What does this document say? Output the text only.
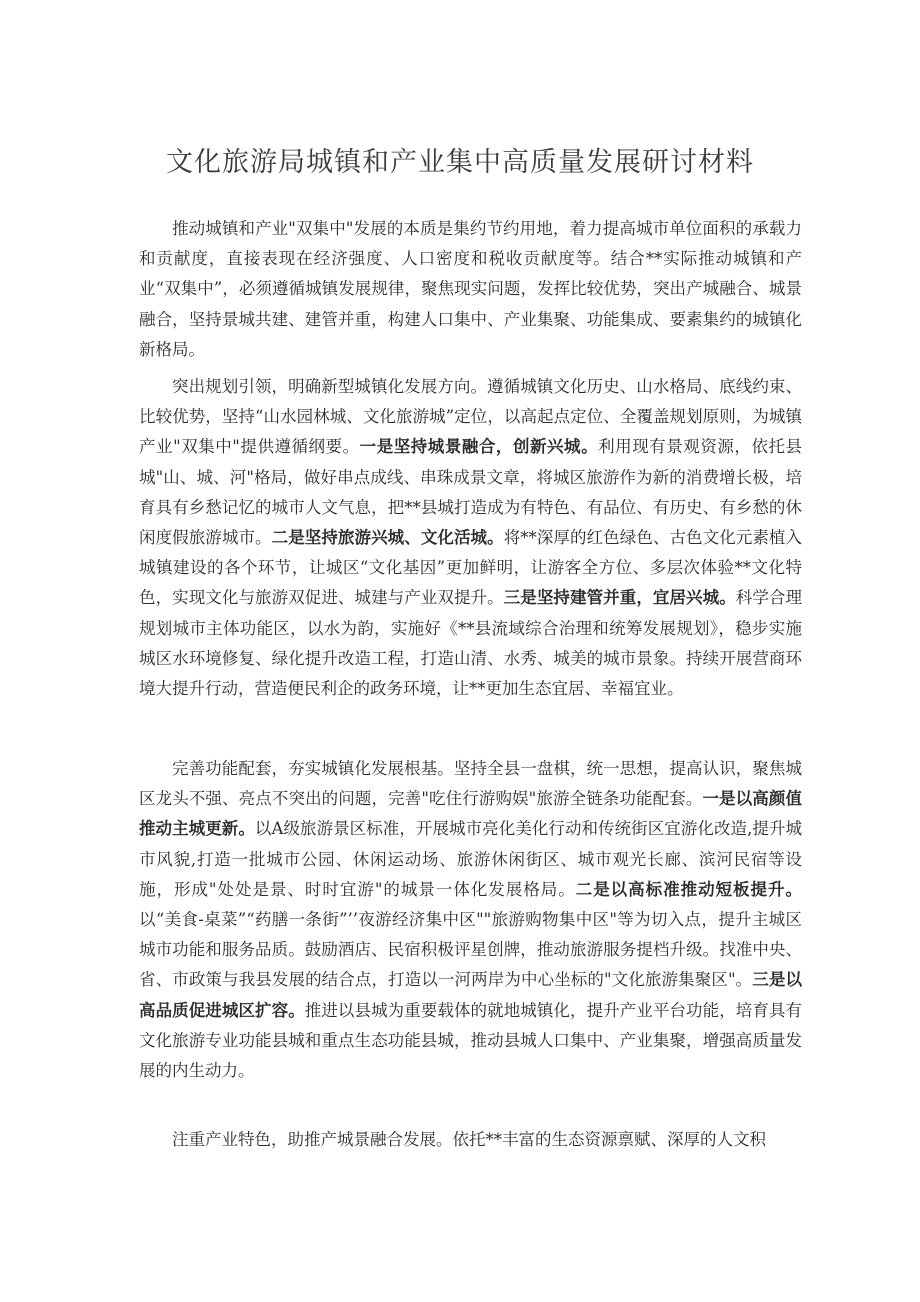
文化旅游局城镇和产业集中高质量发展研讨材料

推动城镇和产业"双集中"发展的本质是集约节约用地，着力提高城市单位面积的承载力和贡献度，直接表现在经济强度、人口密度和税收贡献度等。结合**实际推动城镇和产业“双集中”，必须遵循城镇发展规律，聚焦现实问题，发挥比较优势，突出产城融合、城景融合，坚持景城共建、建管并重，构建人口集中、产业集聚、功能集成、要素集约的城镇化新格局。

突出规划引领，明确新型城镇化发展方向。遵循城镇文化历史、山水格局、底线约束、比较优势，坚持“山水园林城、文化旅游城”定位，以高起点定位、全覆盖规划原则，为城镇产业"双集中"提供遵循纲要。一是坚持城景融合，创新兴城。利用现有景观资源，依托县城"山、城、河"格局，做好串点成线、串珠成景文章，将城区旅游作为新的消费增长极，培育具有乡愁记忆的城市人文气息，把**县城打造成为有特色、有品位、有历史、有乡愁的休闲度假旅游城市。二是坚持旅游兴城、文化活城。将**深厚的红色绿色、古色文化元素植入城镇建设的各个环节，让城区“文化基因”更加鲜明，让游客全方位、多层次体验**文化特色，实现文化与旅游双促进、城建与产业双提升。三是坚持建管并重，宜居兴城。科学合理规划城市主体功能区，以水为韵，实施好《**县流域综合治理和统筹发展规划》，稳步实施城区水环境修复、绿化提升改造工程，打造山清、水秀、城美的城市景象。持续开展营商环境大提升行动，营造便民利企的政务环境，让**更加生态宜居、幸福宜业。

完善功能配套，夯实城镇化发展根基。坚持全县一盘棋，统一思想，提高认识，聚焦城区龙头不强、亮点不突出的问题，完善"吃住行游购娱"旅游全链条功能配套。一是以高颜值推动主城更新。以A级旅游景区标准，开展城市亮化美化行动和传统街区宜游化改造,提升城市风貌,打造一批城市公园、休闲运动场、旅游休闲街区、城市观光长廊、滨河民宿等设施，形成"处处是景、时时宜游"的城景一体化发展格局。二是以高标准推动短板提升。以“美食-桌菜”“药膳一条街”’’夜游经济集中区""旅游购物集中区"等为切入点，提升主城区城市功能和服务品质。鼓励酒店、民宿积极评星创牌，推动旅游服务提档升级。找准中央、省、市政策与我县发展的结合点，打造以一河两岸为中心坐标的"文化旅游集聚区"。三是以高品质促进城区扩容。推进以县城为重要载体的就地城镇化，提升产业平台功能，培育具有文化旅游专业功能县城和重点生态功能县城，推动县城人口集中、产业集聚，增强高质量发展的内生动力。

注重产业特色，助推产城景融合发展。依托**丰富的生态资源禀赋、深厚的人文积
